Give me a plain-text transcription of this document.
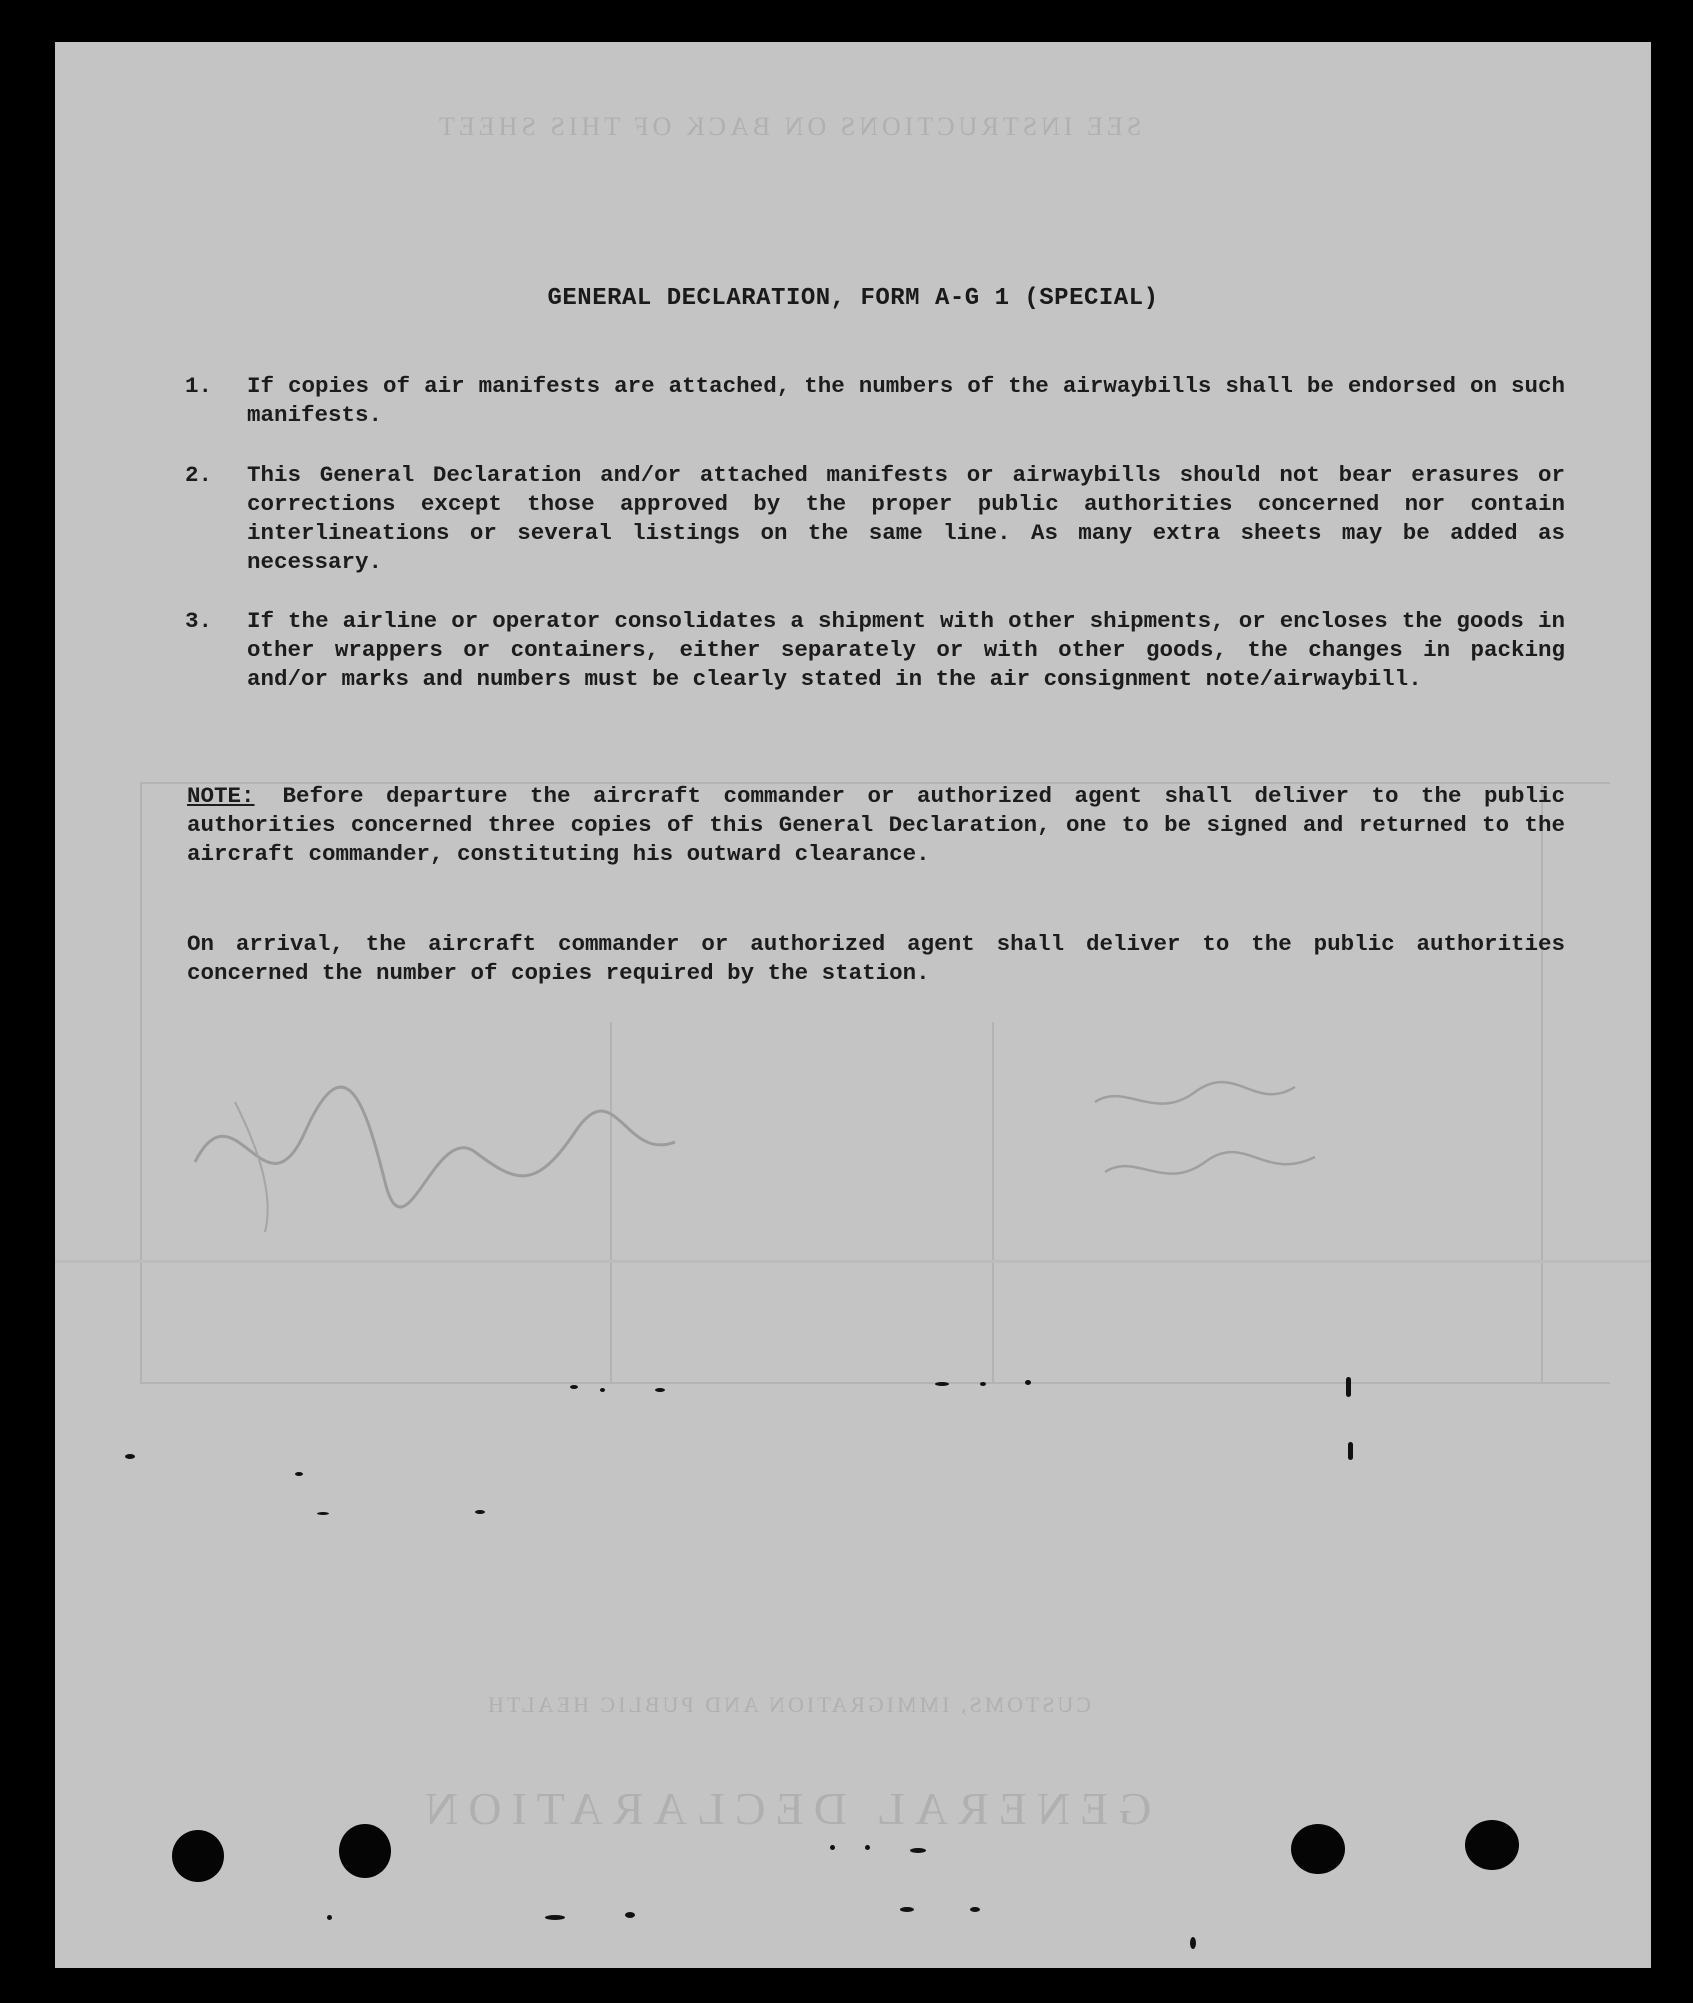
GENERAL DECLARATION
CUSTOMS, IMMIGRATION AND PUBLIC HEALTH
SEE INSTRUCTIONS ON BACK OF THIS SHEET
GENERAL DECLARATION, FORM A-G 1 (SPECIAL)
1. If copies of air manifests are attached, the numbers of the airwaybills shall be endorsed on such manifests.
2. This General Declaration and/or attached manifests or airwaybills should not bear erasures or corrections except those approved by the proper public authorities concerned nor contain interlineations or several listings on the same line. As many extra sheets may be added as necessary.
3. If the airline or operator consolidates a shipment with other shipments, or encloses the goods in other wrappers or containers, either separately or with other goods, the changes in packing and/or marks and numbers must be clearly stated in the air consignment note/airwaybill.
NOTE: Before departure the aircraft commander or authorized agent shall deliver to the public authorities concerned three copies of this General Declaration, one to be signed and returned to the aircraft commander, constituting his outward clearance.
On arrival, the aircraft commander or authorized agent shall deliver to the public authorities concerned the number of copies required by the station.
